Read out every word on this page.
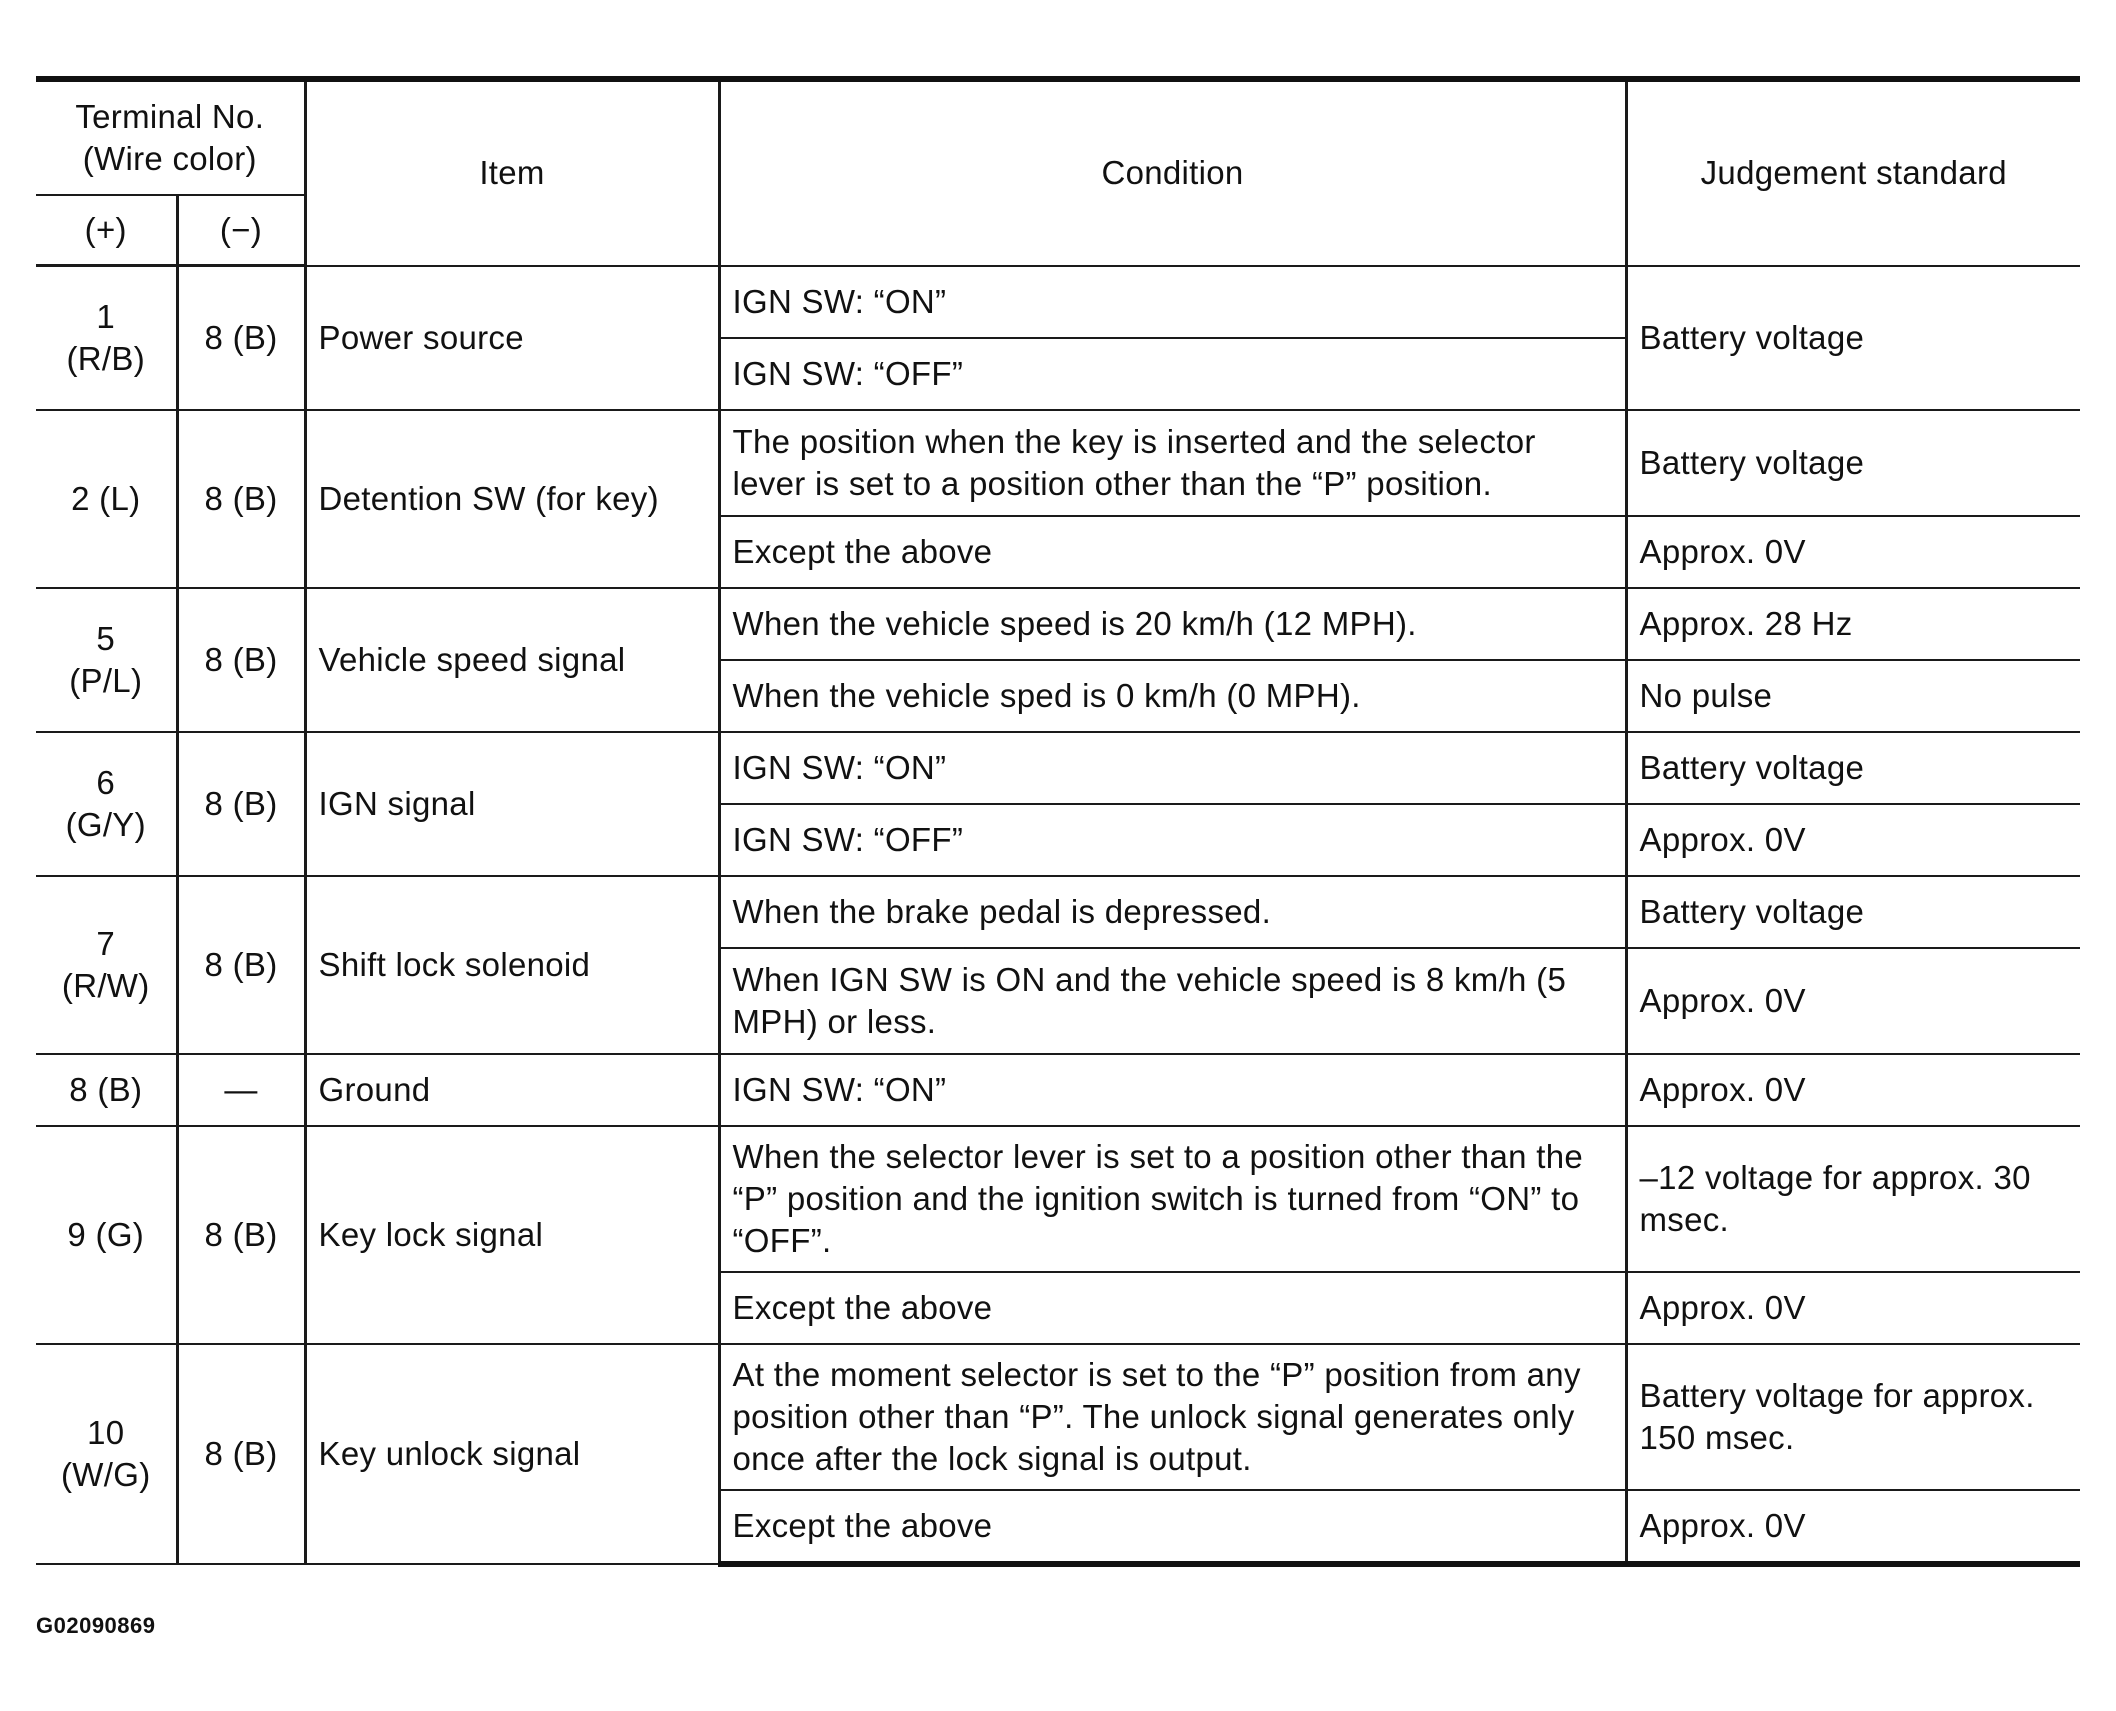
Terminal No.
(Wire color)		Item	Condition	Judgement standard
(+)	(−)			
1
(R/B)	8 (B)	Power source	IGN SW: “ON”	Battery voltage
			IGN SW: “OFF”	
2 (L)	8 (B)	Detention SW (for key)	The position when the key is inserted and the selector lever is set to a position other than the “P” position.	Battery voltage
			Except the above	Approx. 0V
5
(P/L)	8 (B)	Vehicle speed signal	When the vehicle speed is 20 km/h (12 MPH).	Approx. 28 Hz
			When the vehicle sped is 0 km/h (0 MPH).	No pulse
6
(G/Y)	8 (B)	IGN signal	IGN SW: “ON”	Battery voltage
			IGN SW: “OFF”	Approx. 0V
7
(R/W)	8 (B)	Shift lock solenoid	When the brake pedal is depressed.	Battery voltage
			When IGN SW is ON and the vehicle speed is 8 km/h (5 MPH) or less.	Approx. 0V
8 (B)	—	Ground	IGN SW: “ON”	Approx. 0V
9 (G)	8 (B)	Key lock signal	When the selector lever is set to a position other than the “P” position and the ignition switch is turned from “ON” to “OFF”.	–12 voltage for approx. 30 msec.
			Except the above	Approx. 0V
10
(W/G)	8 (B)	Key unlock signal	At the moment selector is set to the “P” position from any position other than “P”. The unlock signal generates only once after the lock signal is output.	Battery voltage for approx. 150 msec.
			Except the above	Approx. 0V
G02090869
